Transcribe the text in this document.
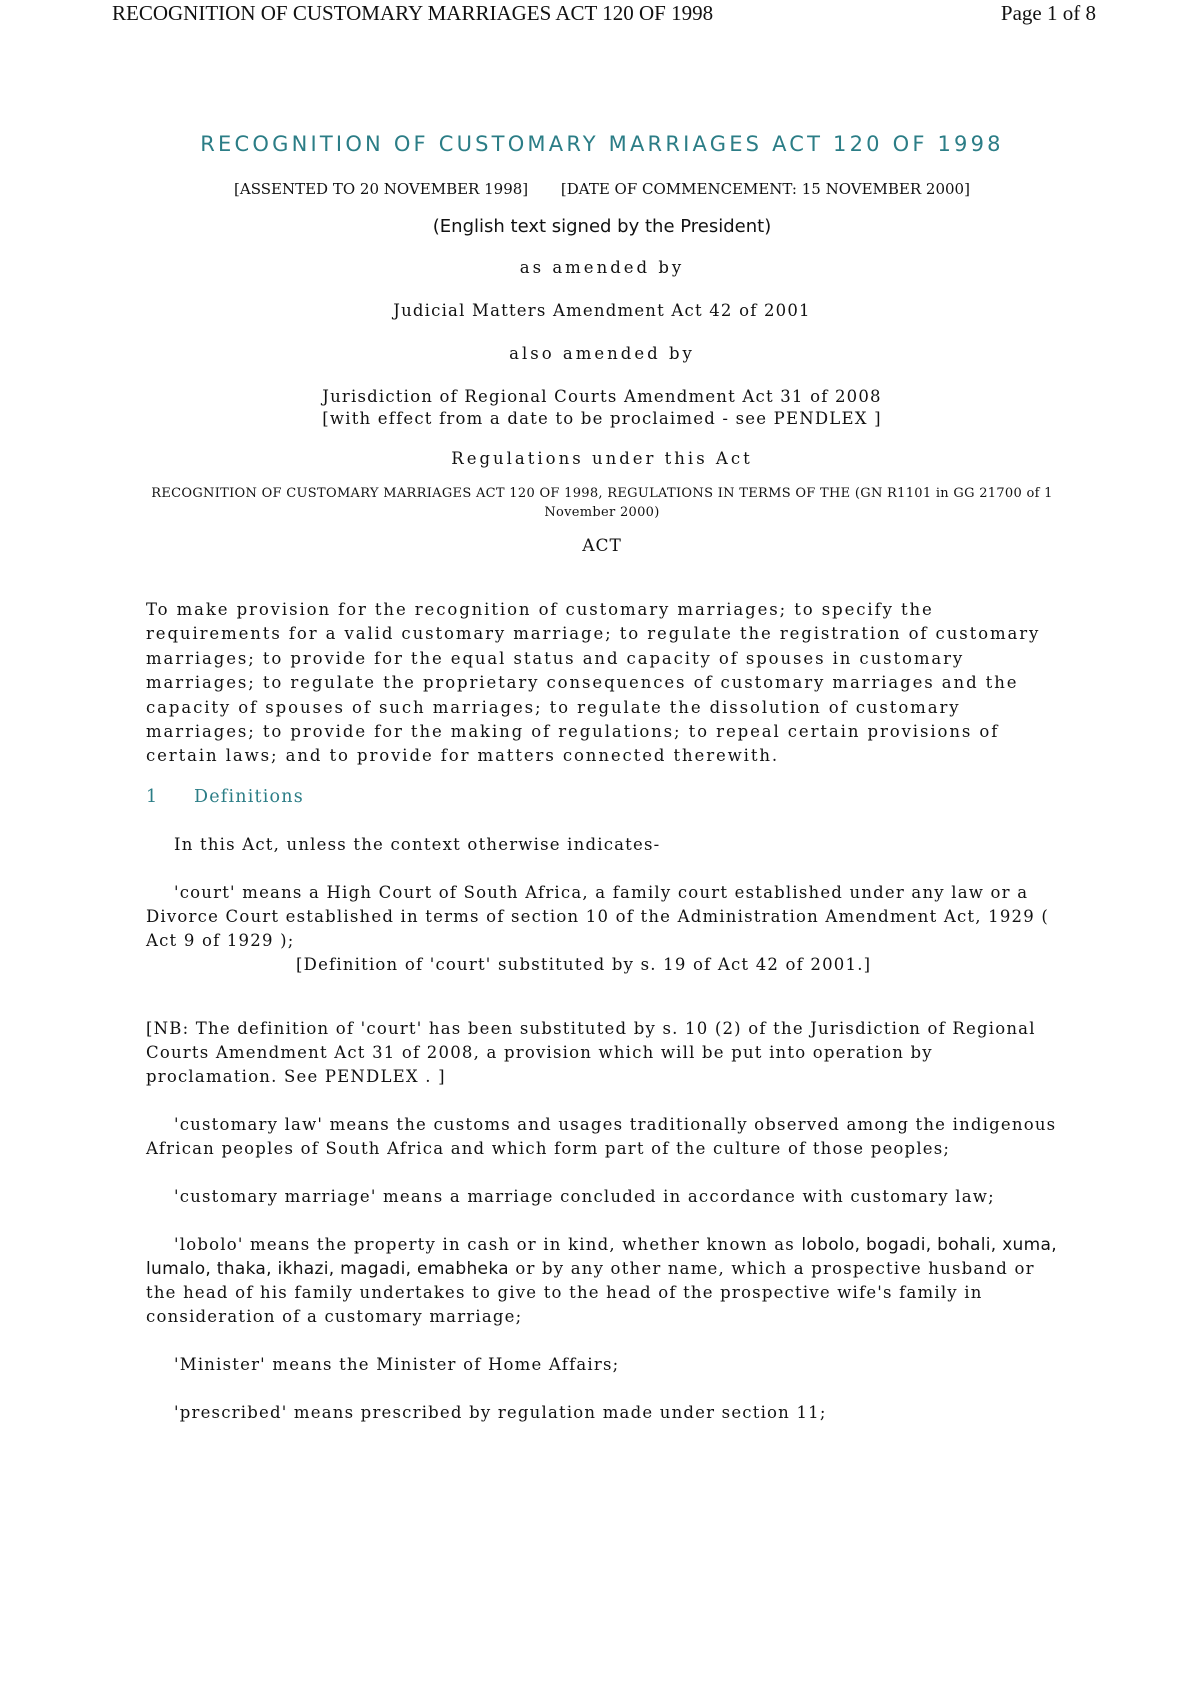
RECOGNITION OF CUSTOMARY MARRIAGES ACT 120 OF 1998	Page 1 of 8
RECOGNITION OF CUSTOMARY MARRIAGES ACT 120 OF 1998
[ASSENTED TO 20 NOVEMBER 1998] [DATE OF COMMENCEMENT: 15 NOVEMBER 2000]
(English text signed by the President)
as amended by
Judicial Matters Amendment Act 42 of 2001
also amended by
Jurisdiction of Regional Courts Amendment Act 31 of 2008
[with effect from a date to be proclaimed - see PENDLEX ]
Regulations under this Act
RECOGNITION OF CUSTOMARY MARRIAGES ACT 120 OF 1998, REGULATIONS IN TERMS OF THE (GN R1101 in GG 21700 of 1 November 2000)
ACT

To make provision for the recognition of customary marriages; to specify the requirements for a valid customary marriage; to regulate the registration of customary marriages; to provide for the equal status and capacity of spouses in customary marriages; to regulate the proprietary consequences of customary marriages and the capacity of spouses of such marriages; to regulate the dissolution of customary marriages; to provide for the making of regulations; to repeal certain provisions of certain laws; and to provide for matters connected therewith.

1 Definitions
In this Act, unless the context otherwise indicates-
'court' means a High Court of South Africa, a family court established under any law or a Divorce Court established in terms of section 10 of the Administration Amendment Act, 1929 ( Act 9 of 1929 );
[Definition of 'court' substituted by s. 19 of Act 42 of 2001.]
[NB: The definition of 'court' has been substituted by s. 10 (2) of the Jurisdiction of Regional Courts Amendment Act 31 of 2008, a provision which will be put into operation by proclamation. See PENDLEX . ]
'customary law' means the customs and usages traditionally observed among the indigenous African peoples of South Africa and which form part of the culture of those peoples;
'customary marriage' means a marriage concluded in accordance with customary law;
'lobolo' means the property in cash or in kind, whether known as lobolo, bogadi, bohali, xuma, lumalo, thaka, ikhazi, magadi, emabheka or by any other name, which a prospective husband or the head of his family undertakes to give to the head of the prospective wife's family in consideration of a customary marriage;
'Minister' means the Minister of Home Affairs;
'prescribed' means prescribed by regulation made under section 11;
